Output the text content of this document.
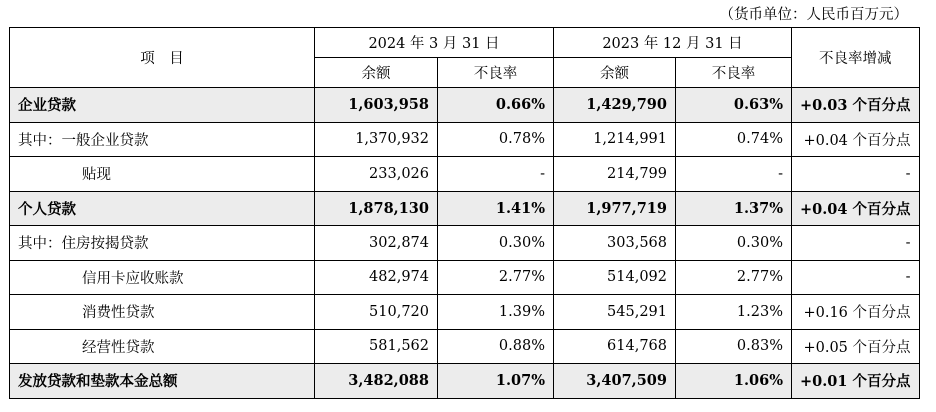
（货币单位：人民币百万元）
项　目	2024 年 3 月 31 日		2023 年 12 月 31 日		不良率增减
	余额	不良率	余额	不良率	
企业贷款	1,603,958	0.66%	1,429,790	0.63%	+0.03 个百分点
其中：一般企业贷款	1,370,932	0.78%	1,214,991	0.74%	+0.04 个百分点
贴现	233,026	-	214,799	-	-
个人贷款	1,878,130	1.41%	1,977,719	1.37%	+0.04 个百分点
其中：住房按揭贷款	302,874	0.30%	303,568	0.30%	-
信用卡应收账款	482,974	2.77%	514,092	2.77%	-
消费性贷款	510,720	1.39%	545,291	1.23%	+0.16 个百分点
经营性贷款	581,562	0.88%	614,768	0.83%	+0.05 个百分点
发放贷款和垫款本金总额	3,482,088	1.07%	3,407,509	1.06%	+0.01 个百分点
